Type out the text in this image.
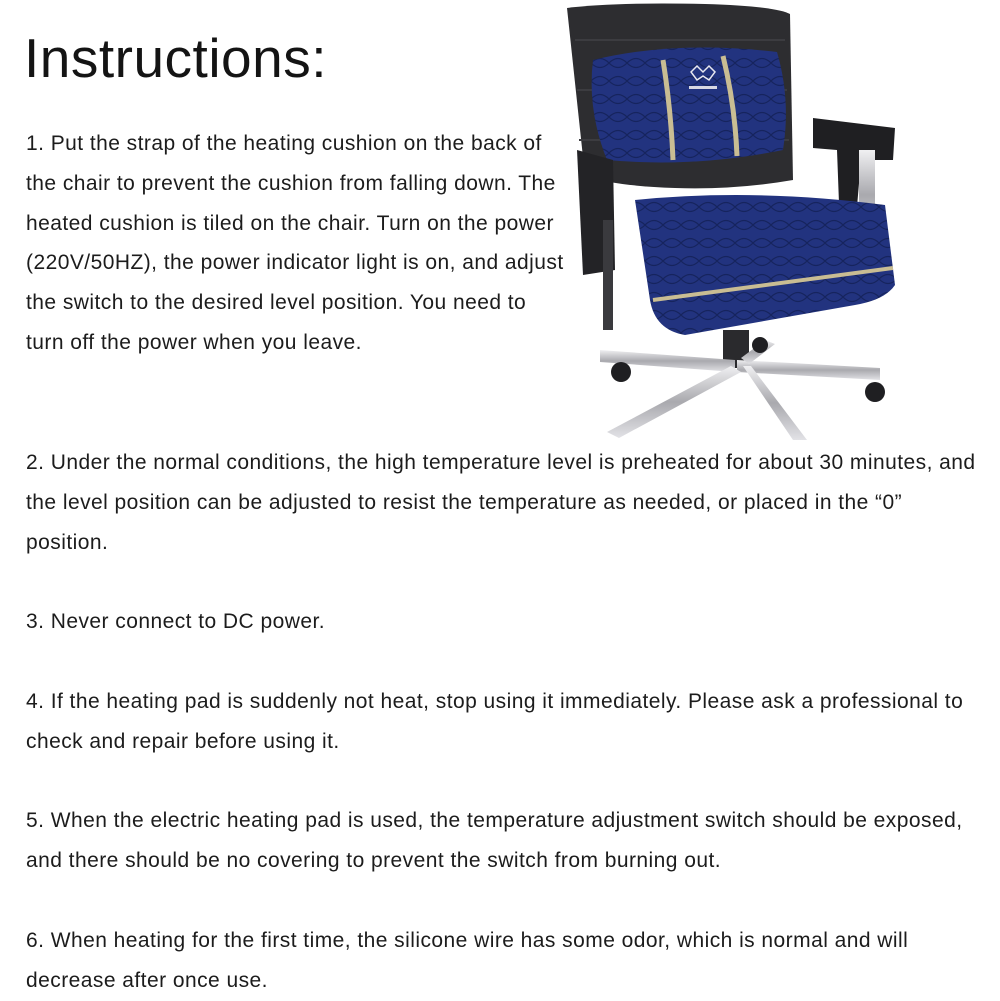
Instructions:

1. Put the strap of the heating cushion on the back of the chair to prevent the cushion from falling down. The heated cushion is tiled on the chair. Turn on the power (220V/50HZ), the power indicator light is on, and adjust the switch to the desired level position. You need to turn off the power when you leave.

2. Under the normal conditions, the high temperature level is preheated for about 30 minutes, and the level position can be adjusted to resist the temperature as needed, or placed in the “0” position.

3. Never connect to DC power.

4. If the heating pad is suddenly not heat, stop using it immediately. Please ask a professional to check and repair before using it.

5. When the electric heating pad is used, the temperature adjustment switch should be exposed, and there should be no covering to prevent the switch from burning out.

6. When heating for the first time, the silicone wire has some odor, which is normal and will decrease after once use.
